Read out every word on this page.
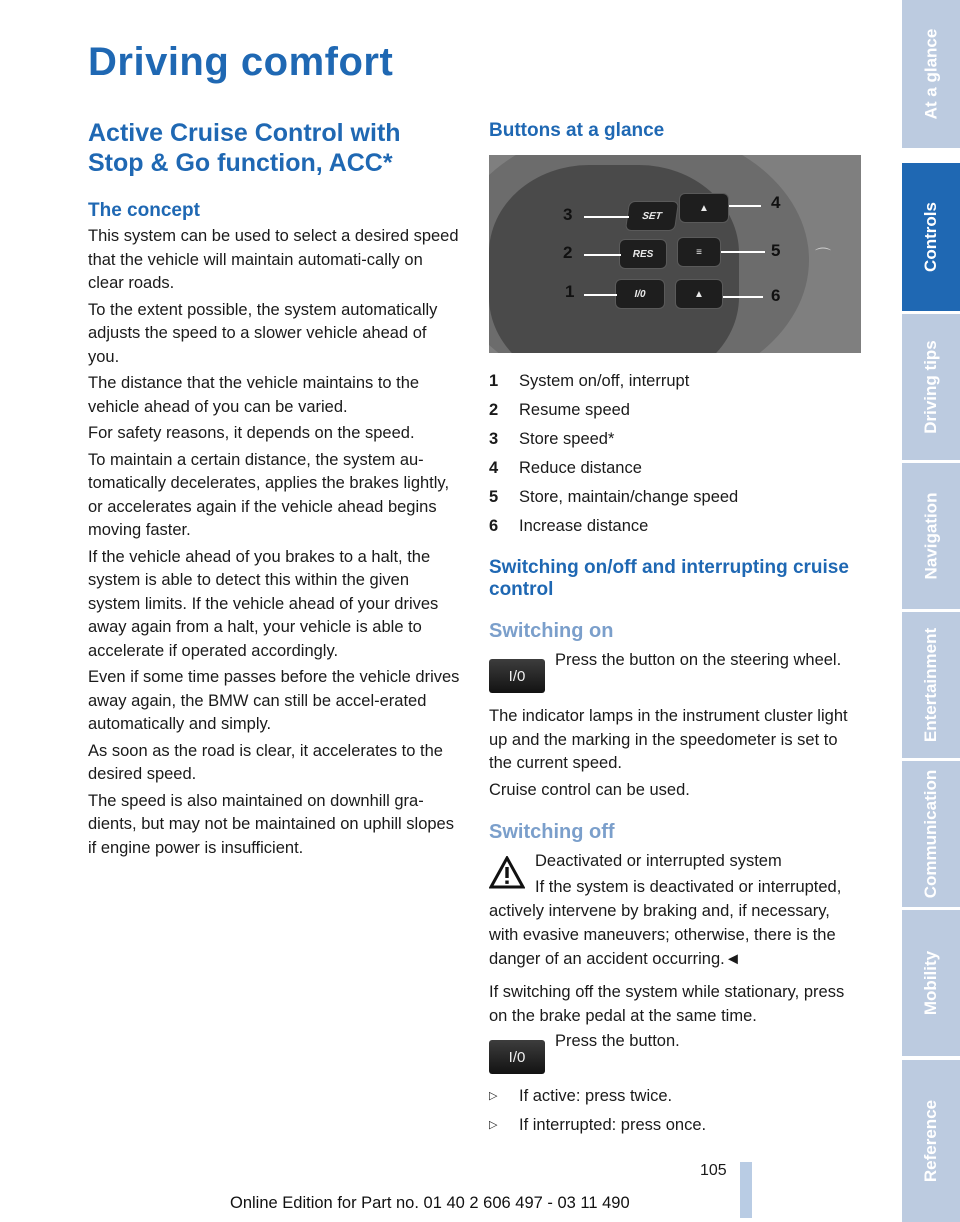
Driving comfort
Active Cruise Control with Stop & Go function, ACC*
The concept

This system can be used to select a desired speed that the vehicle will maintain automati-cally on clear roads.

To the extent possible, the system automatically adjusts the speed to a slower vehicle ahead of you.

The distance that the vehicle maintains to the vehicle ahead of you can be varied.

For safety reasons, it depends on the speed.

To maintain a certain distance, the system au-tomatically decelerates, applies the brakes lightly, or accelerates again if the vehicle ahead begins moving faster.

If the vehicle ahead of you brakes to a halt, the system is able to detect this within the given system limits. If the vehicle ahead of your drives away again from a halt, your vehicle is able to accelerate if operated accordingly.

Even if some time passes before the vehicle drives away again, the BMW can still be accel-erated automatically and simply.

As soon as the road is clear, it accelerates to the desired speed.

The speed is also maintained on downhill gra-dients, but may not be maintained on uphill slopes if engine power is insufficient.

Buttons at a glance
SET
▲
RES	≡
I/0	▲
3
2
1
4
5
6
⌒
1	System on/off, interrupt
2	Resume speed
3	Store speed*
4	Reduce distance
5	Store, maintain/change speed
6	Increase distance
Switching on/off and interrupting cruise control
Switching on
I/0
Press the button on the steering wheel.

The indicator lamps in the instrument cluster light up and the marking in the speedometer is set to the current speed.

Cruise control can be used.

Switching off
Deactivated or interrupted system
If the system is deactivated or interrupted, actively intervene by braking and, if necessary, with evasive maneuvers; otherwise, there is the danger of an accident occurring.◄

If switching off the system while stationary, press on the brake pedal at the same time.

I/0
Press the button.
▷	If active: press twice.
▷	If interrupted: press once.
105
Online Edition for Part no. 01 40 2 606 497 - 03 11 490
At a glance
Controls
Driving tips
Navigation
Entertainment
Communication
Mobility
Reference
